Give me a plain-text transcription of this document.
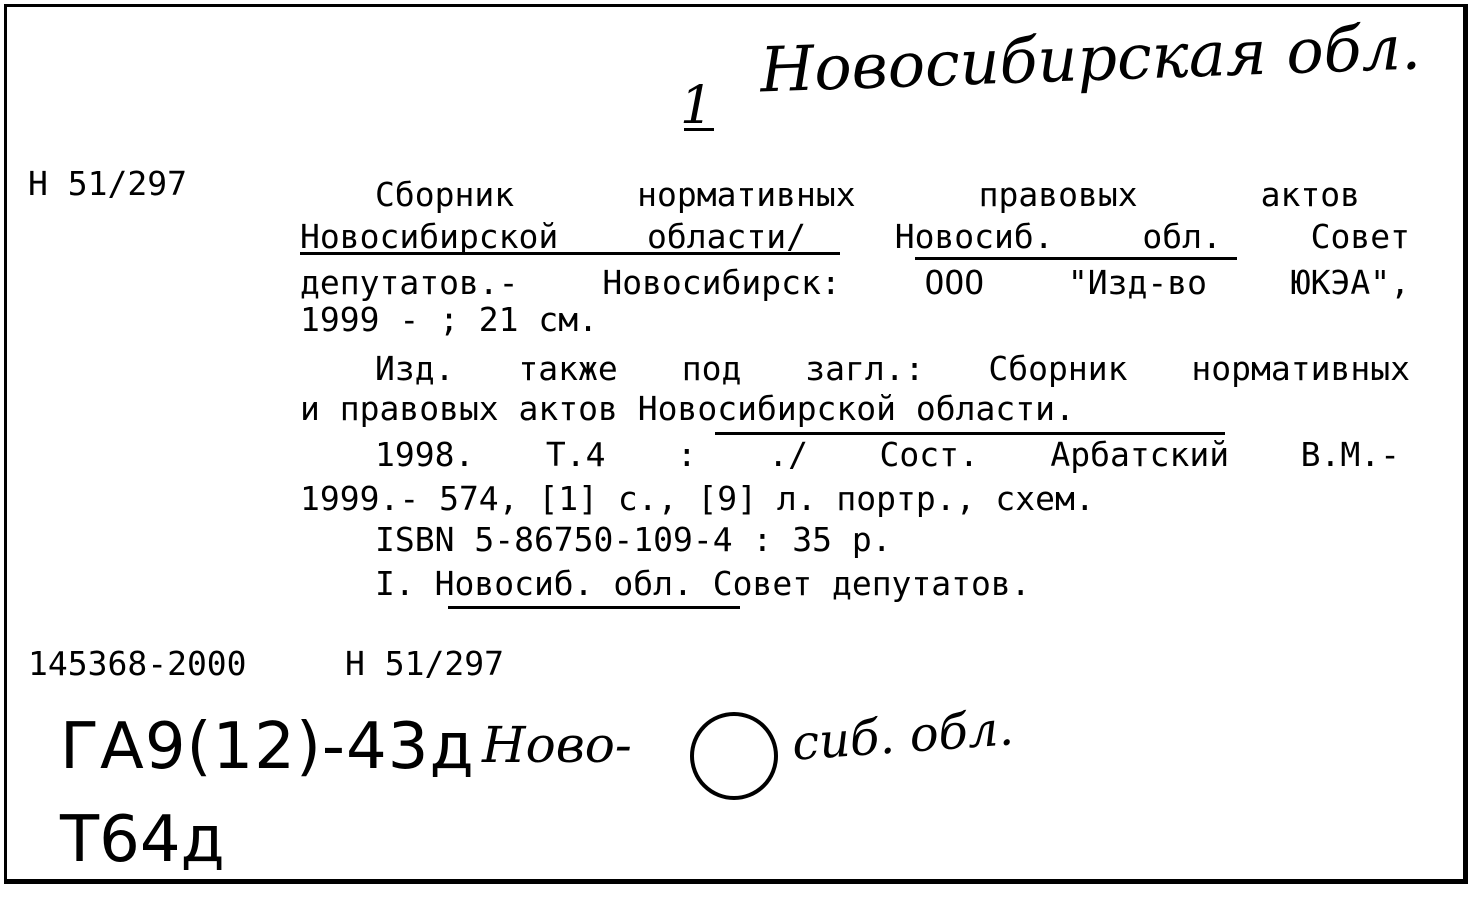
Новосибирская обл.
1
Н 51/297	Сборник	нормативных	правовых	актов
Новосибирской	области/	Новосиб.	обл.	Совет
депутатов.-	Новосибирск:	ООО	"Изд-во	ЮКЭА",
1999 - ; 21 см.
Изд. также под загл.: Сборник нормативных
и правовых актов Новосибирской области.
1998. Т.4 : ./ Сост. Арбатский В.М.-
1999.- 574, [1] с., [9] л. портр., схем.
ISBN 5-86750-109-4 : 35 р.
I. Новосиб. обл. Совет депутатов.
145368-2000	Н 51/297
ГА9(12)-43д Ново-	сиб. обл.
Т64д
